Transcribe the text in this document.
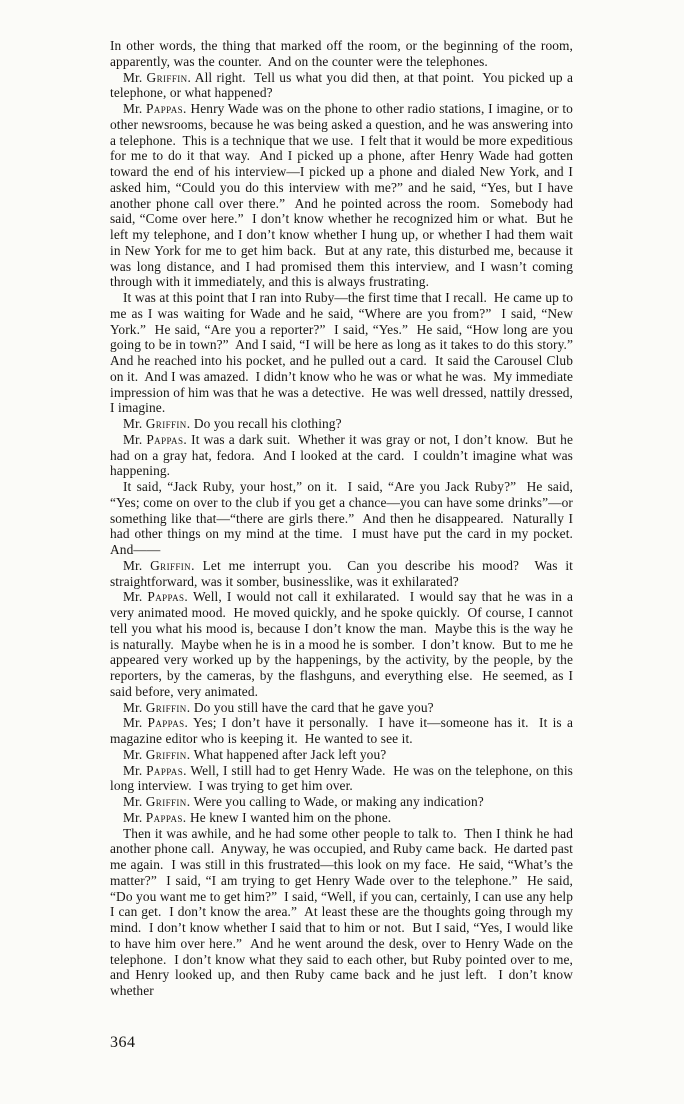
In other words, the thing that marked off the room, or the beginning of the room, apparently, was the counter.  And on the counter were the telephones.

Mr. Griffin. All right.  Tell us what you did then, at that point.  You picked up a telephone, or what happened?

Mr. Pappas. Henry Wade was on the phone to other radio stations, I imagine, or to other newsrooms, because he was being asked a question, and he was answering into a telephone.  This is a technique that we use.  I felt that it would be more expeditious for me to do it that way.  And I picked up a phone, after Henry Wade had gotten toward the end of his interview—I picked up a phone and dialed New York, and I asked him, “Could you do this interview with me?” and he said, “Yes, but I have another phone call over there.”  And he pointed across the room.  Somebody had said, “Come over here.”  I don’t know whether he recognized him or what.  But he left my telephone, and I don’t know whether I hung up, or whether I had them wait in New York for me to get him back.  But at any rate, this disturbed me, because it was long distance, and I had promised them this interview, and I wasn’t coming through with it immediately, and this is always frustrating.

It was at this point that I ran into Ruby—the first time that I recall.  He came up to me as I was waiting for Wade and he said, “Where are you from?”  I said, “New York.”  He said, “Are you a reporter?”  I said, “Yes.”  He said, “How long are you going to be in town?”  And I said, “I will be here as long as it takes to do this story.”  And he reached into his pocket, and he pulled out a card.  It said the Carousel Club on it.  And I was amazed.  I didn’t know who he was or what he was.  My immediate impression of him was that he was a detective.  He was well dressed, nattily dressed, I imagine.

Mr. Griffin. Do you recall his clothing?

Mr. Pappas. It was a dark suit.  Whether it was gray or not, I don’t know.  But he had on a gray hat, fedora.  And I looked at the card.  I couldn’t imagine what was happening.

It said, “Jack Ruby, your host,” on it.  I said, “Are you Jack Ruby?”  He said, “Yes; come on over to the club if you get a chance—you can have some drinks”—or something like that—“there are girls there.”  And then he disappeared.  Naturally I had other things on my mind at the time.  I must have put the card in my pocket.  And——

Mr. Griffin. Let me interrupt you.  Can you describe his mood?  Was it straightforward, was it somber, businesslike, was it exhilarated?

Mr. Pappas. Well, I would not call it exhilarated.  I would say that he was in a very animated mood.  He moved quickly, and he spoke quickly.  Of course, I cannot tell you what his mood is, because I don’t know the man.  Maybe this is the way he is naturally.  Maybe when he is in a mood he is somber.  I don’t know.  But to me he appeared very worked up by the happenings, by the activity, by the people, by the reporters, by the cameras, by the flashguns, and everything else.  He seemed, as I said before, very animated.

Mr. Griffin. Do you still have the card that he gave you?

Mr. Pappas. Yes; I don’t have it personally.  I have it—someone has it.  It is a magazine editor who is keeping it.  He wanted to see it.

Mr. Griffin. What happened after Jack left you?

Mr. Pappas. Well, I still had to get Henry Wade.  He was on the telephone, on this long interview.  I was trying to get him over.

Mr. Griffin. Were you calling to Wade, or making any indication?

Mr. Pappas. He knew I wanted him on the phone.

Then it was awhile, and he had some other people to talk to.  Then I think he had another phone call.  Anyway, he was occupied, and Ruby came back.  He darted past me again.  I was still in this frustrated—this look on my face.  He said, “What’s the matter?”  I said, “I am trying to get Henry Wade over to the telephone.”  He said, “Do you want me to get him?”  I said, “Well, if you can, certainly, I can use any help I can get.  I don’t know the area.”  At least these are the thoughts going through my mind.  I don’t know whether I said that to him or not.  But I said, “Yes, I would like to have him over here.”  And he went around the desk, over to Henry Wade on the telephone.  I don’t know what they said to each other, but Ruby pointed over to me, and Henry looked up, and then Ruby came back and he just left.  I don’t know whether

364
